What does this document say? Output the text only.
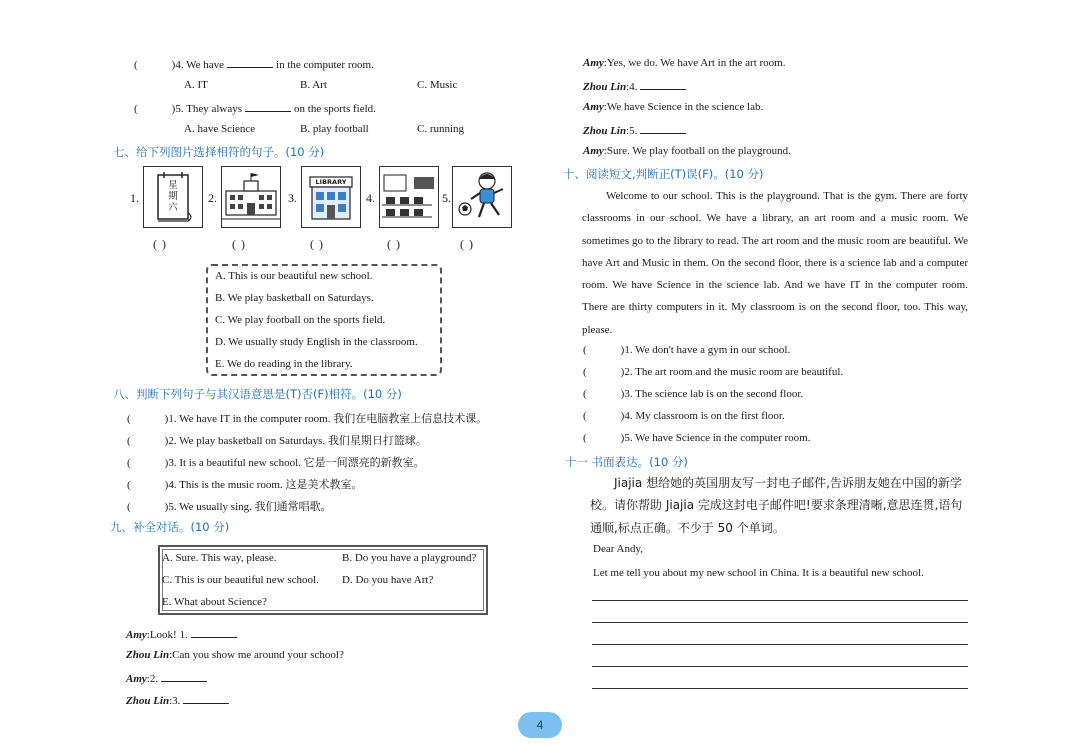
(	)4. We have	in the computer room.
A. IT	B. Art	C. Music
(	)5. They always	on the sports field.
A. have Science	B. play football	C. running
七、给下列图片选择相符的句子。(10 分)
1.
星期六
2.	3.
LIBRARY
4.	5.
( )	( )	( )	( )	( )
A. This is our beautiful new school.
B. We play basketball on Saturdays.
C. We play football on the sports field.
D. We usually study English in the classroom.
E. We do reading in the library.
八、判断下列句子与其汉语意思是(T)否(F)相符。(10 分)
(	)1. We have IT in the computer room. 我们在电脑教室上信息技术课。
(	)2. We play basketball on Saturdays. 我们星期日打篮球。
(	)3. It is a beautiful new school. 它是一间漂亮的新教室。
(	)4. This is the music room. 这是美术教室。
(	)5. We usually sing. 我们通常唱歌。
九、补全对话。(10 分)
A. Sure. This way, please.	B. Do you have a playground?
C. This is our beautiful new school. D. Do you have Art?
E. What about Science?
Amy:Look! 1.
Zhou Lin:Can you show me around your school?
Amy:2.
Zhou Lin:3.
Amy:Yes, we do. We have Art in the art room.
Zhou Lin:4.
Amy:We have Science in the science lab.
Zhou Lin:5.
Amy:Sure. We play football on the playground.
十、阅读短文,判断正(T)误(F)。(10 分)
Welcome to our school. This is the playground. That is the gym. There are forty classrooms in our school. We have a library, an art room and a music room. We sometimes go to the library to read. The art room and the music room are beautiful. We have Art and Music in them. On the second floor, there is a science lab and a computer room. We have Science in the science lab. And we have IT in the computer room. There are thirty computers in it. My classroom is on the second floor, too. This way, please.
(	)1. We don't have a gym in our school.
(	)2. The art room and the music room are beautiful.
(	)3. The science lab is on the second floor.
(	)4. My classroom is on the first floor.
(	)5. We have Science in the computer room.
十一 书面表达。(10 分)
Jiajia 想给她的英国朋友写一封电子邮件,告诉朋友她在中国的新学校。请你帮助 Jiajia 完成这封电子邮件吧!要求条理清晰,意思连贯,语句通顺,标点正确。不少于 50 个单词。
Dear Andy,
Let me tell you about my new school in China. It is a beautiful new school.
4
